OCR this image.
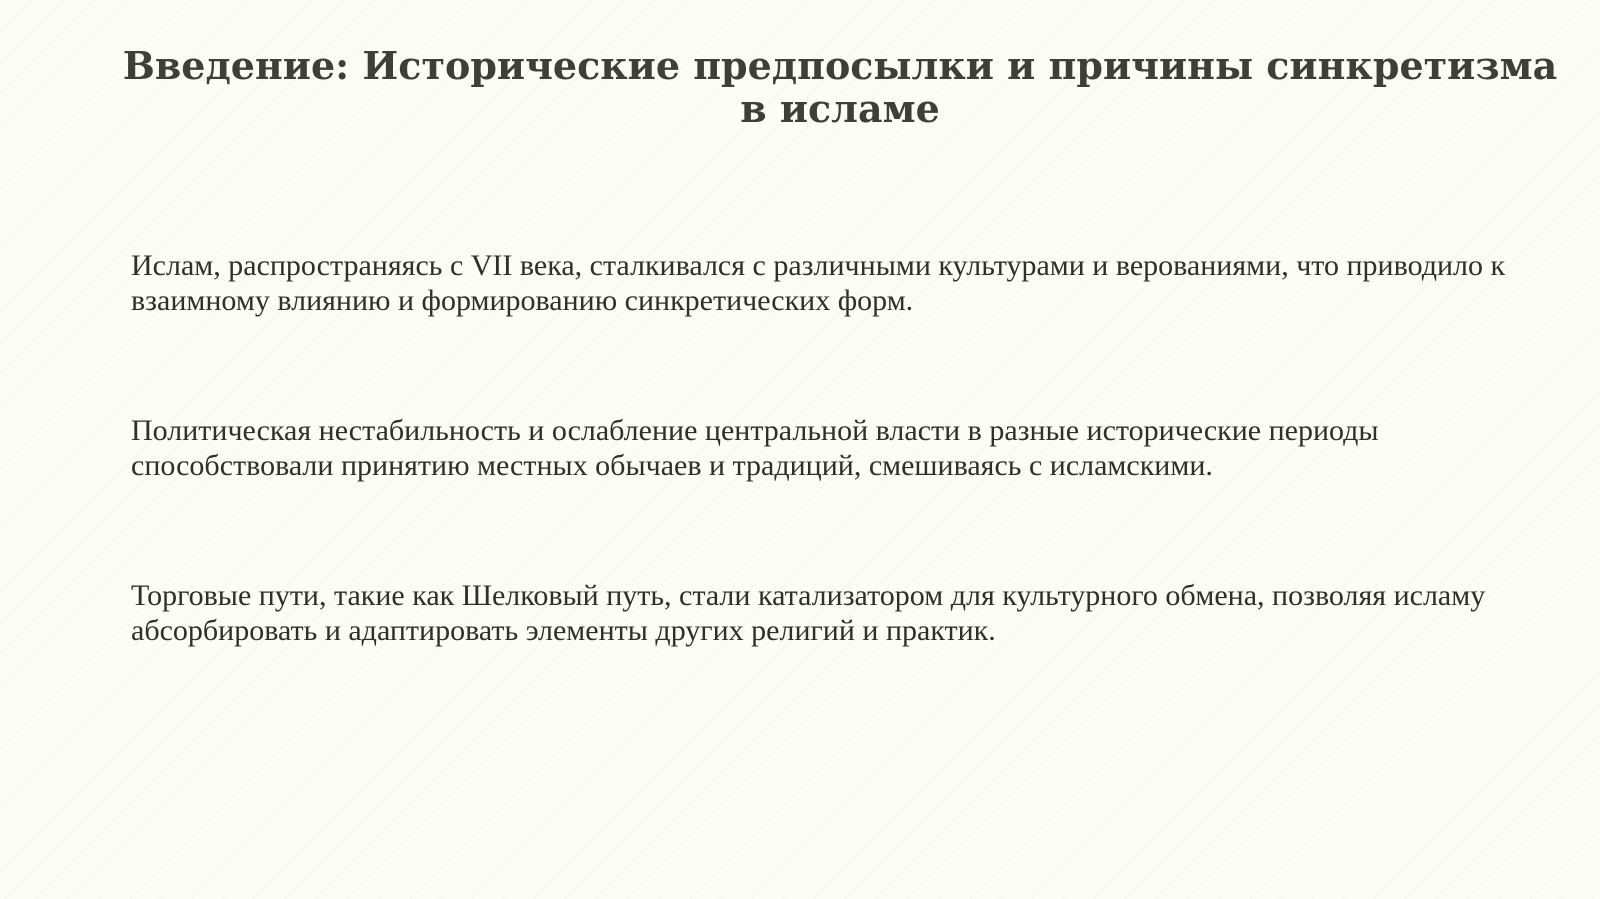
Введение: Исторические предпосылки и причины синкретизма в исламе

Ислам, распространяясь с VII века, сталкивался с различными культурами и верованиями, что приводило к взаимному влиянию и формированию синкретических форм.

Политическая нестабильность и ослабление центральной власти в разные исторические периоды способствовали принятию местных обычаев и традиций, смешиваясь с исламскими.

Торговые пути, такие как Шелковый путь, стали катализатором для культурного обмена, позволяя исламу абсорбировать и адаптировать элементы других религий и практик.
